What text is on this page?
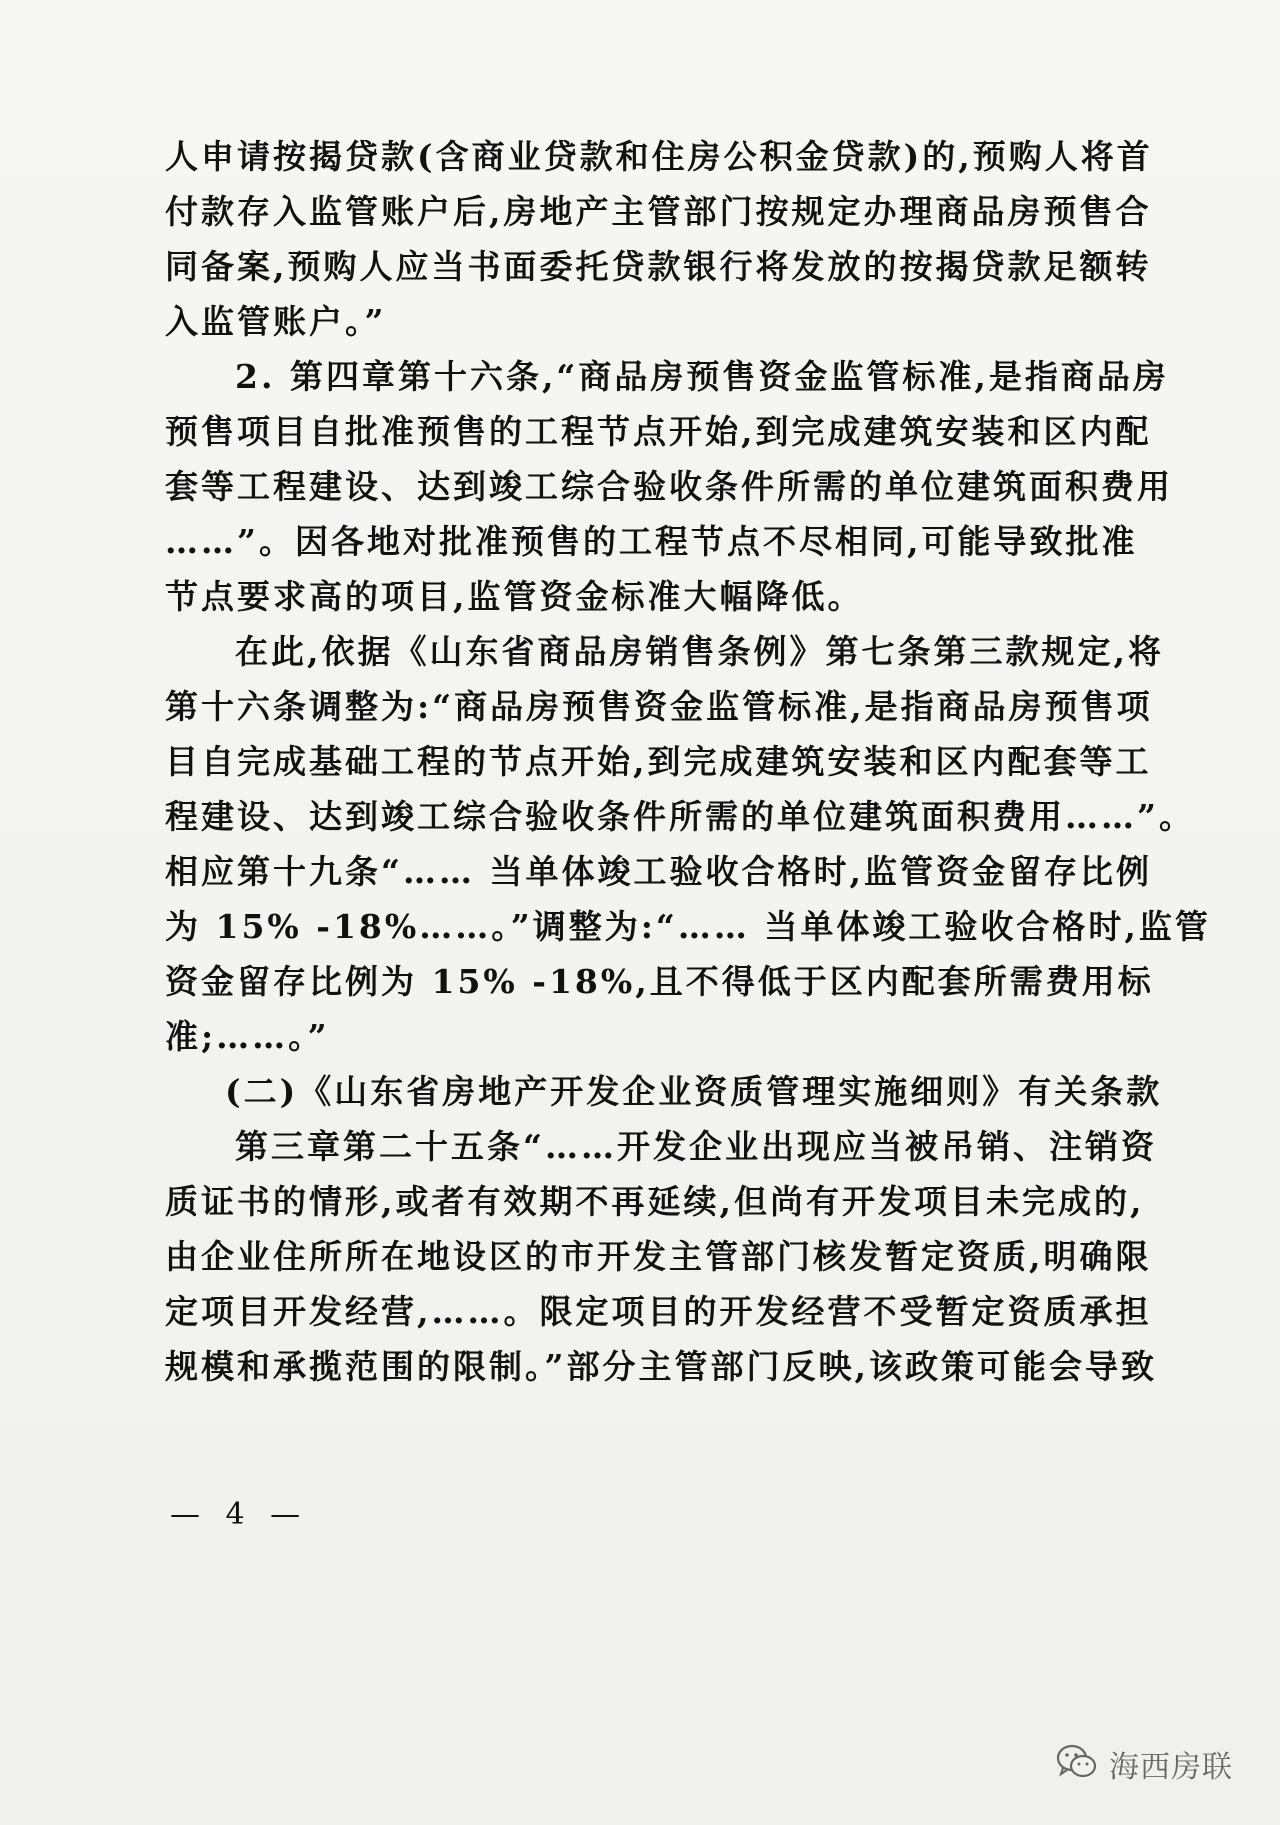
人申请按揭贷款(含商业贷款和住房公积金贷款)的,预购人将首
付款存入监管账户后,房地产主管部门按规定办理商品房预售合
同备案,预购人应当书面委托贷款银行将发放的按揭贷款足额转
入监管账户。”
2. 第四章第十六条,“商品房预售资金监管标准,是指商品房
预售项目自批准预售的工程节点开始,到完成建筑安装和区内配
套等工程建设、达到竣工综合验收条件所需的单位建筑面积费用
……”。因各地对批准预售的工程节点不尽相同,可能导致批准
节点要求高的项目,监管资金标准大幅降低。
在此,依据《山东省商品房销售条例》第七条第三款规定,将
第十六条调整为:“商品房预售资金监管标准,是指商品房预售项
目自完成基础工程的节点开始,到完成建筑安装和区内配套等工
程建设、达到竣工综合验收条件所需的单位建筑面积费用……”。
相应第十九条“…… 当单体竣工验收合格时,监管资金留存比例
为 15% -18%……。”调整为:“…… 当单体竣工验收合格时,监管
资金留存比例为 15% -18%,且不得低于区内配套所需费用标
准;……。”
(二)《山东省房地产开发企业资质管理实施细则》有关条款
第三章第二十五条“……开发企业出现应当被吊销、注销资
质证书的情形,或者有效期不再延续,但尚有开发项目未完成的,
由企业住所所在地设区的市开发主管部门核发暂定资质,明确限
定项目开发经营,……。限定项目的开发经营不受暂定资质承担
规模和承揽范围的限制。”部分主管部门反映,该政策可能会导致
— 4 —
海西房联
